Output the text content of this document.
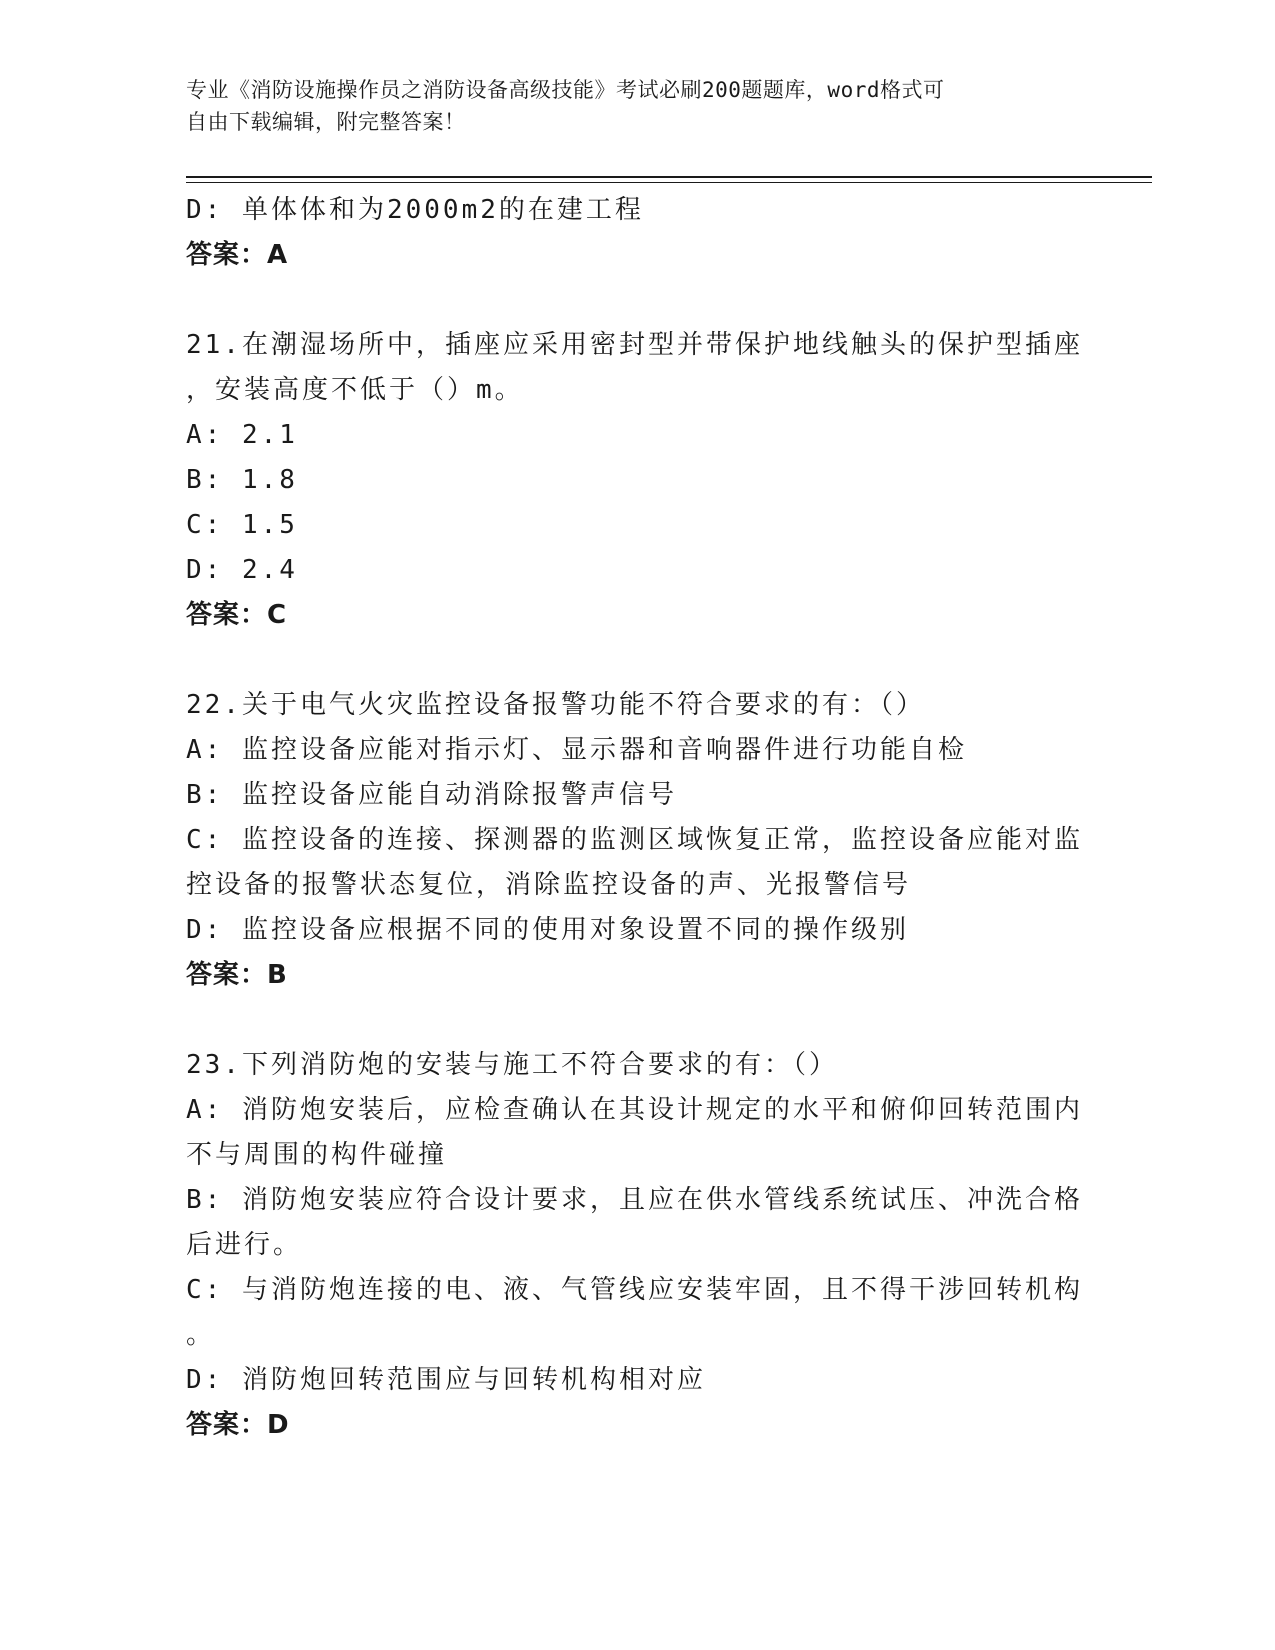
专业《消防设施操作员之消防设备高级技能》考试必刷200题题库，word格式可
自由下载编辑，附完整答案！
D: 单体体和为2000m2的在建工程
答案：A
21.在潮湿场所中，插座应采用密封型并带保护地线触头的保护型插座
，安装高度不低于（）m。
A: 2.1
B: 1.8
C: 1.5
D: 2.4
答案：C
22.关于电气火灾监控设备报警功能不符合要求的有：（）
A: 监控设备应能对指示灯、显示器和音响器件进行功能自检
B: 监控设备应能自动消除报警声信号
C: 监控设备的连接、探测器的监测区域恢复正常，监控设备应能对监
控设备的报警状态复位，消除监控设备的声、光报警信号
D: 监控设备应根据不同的使用对象设置不同的操作级别
答案：B
23.下列消防炮的安装与施工不符合要求的有：（）
A: 消防炮安装后，应检查确认在其设计规定的水平和俯仰回转范围内
不与周围的构件碰撞
B: 消防炮安装应符合设计要求，且应在供水管线系统试压、冲洗合格
后进行。
C: 与消防炮连接的电、液、气管线应安装牢固，且不得干涉回转机构
。
D: 消防炮回转范围应与回转机构相对应
答案：D
